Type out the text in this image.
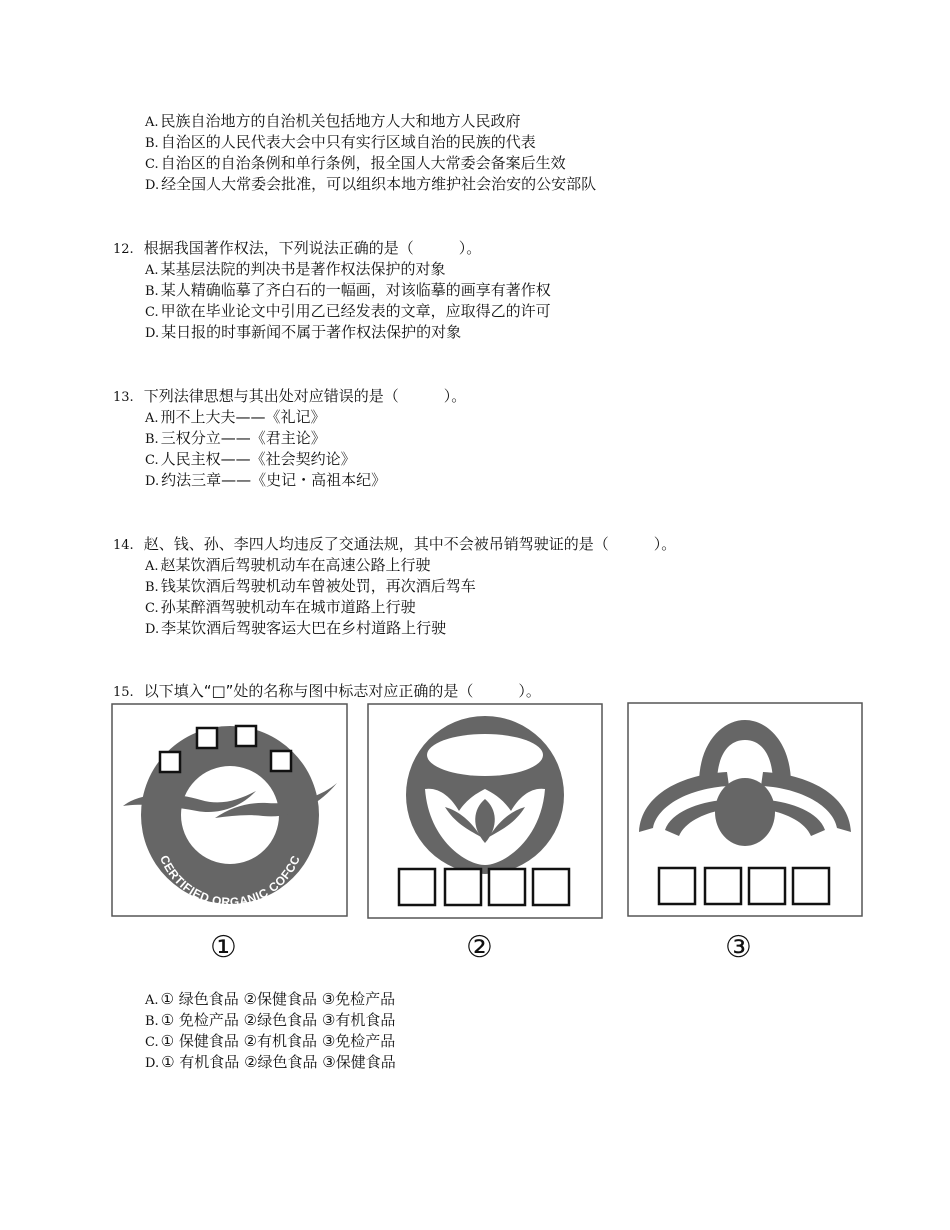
A. 民族自治地方的自治机关包括地方人大和地方人民政府
B. 自治区的人民代表大会中只有实行区域自治的民族的代表
C. 自治区的自治条例和单行条例，报全国人大常委会备案后生效
D. 经全国人大常委会批准，可以组织本地方维护社会治安的公安部队
12. 根据我国著作权法，下列说法正确的是（　　　）。
A. 某基层法院的判决书是著作权法保护的对象
B. 某人精确临摹了齐白石的一幅画，对该临摹的画享有著作权
C. 甲欲在毕业论文中引用乙已经发表的文章，应取得乙的许可
D. 某日报的时事新闻不属于著作权法保护的对象
13. 下列法律思想与其出处对应错误的是（　　　）。
A. 刑不上大夫——《礼记》
B. 三权分立——《君主论》
C. 人民主权——《社会契约论》
D. 约法三章——《史记・高祖本纪》
14. 赵、钱、孙、李四人均违反了交通法规，其中不会被吊销驾驶证的是（　　　）。
A. 赵某饮酒后驾驶机动车在高速公路上行驶
B. 钱某饮酒后驾驶机动车曾被处罚，再次酒后驾车
C. 孙某醉酒驾驶机动车在城市道路上行驶
D. 李某饮酒后驾驶客运大巴在乡村道路上行驶
15. 以下填入“□”处的名称与图中标志对应正确的是（　　　）。
CERTIFIED ORGANIC COFCC
①	②	③
A. ① 绿色食品 ②保健食品 ③免检产品
B. ① 免检产品 ②绿色食品 ③有机食品
C. ① 保健食品 ②有机食品 ③免检产品
D. ① 有机食品 ②绿色食品 ③保健食品
